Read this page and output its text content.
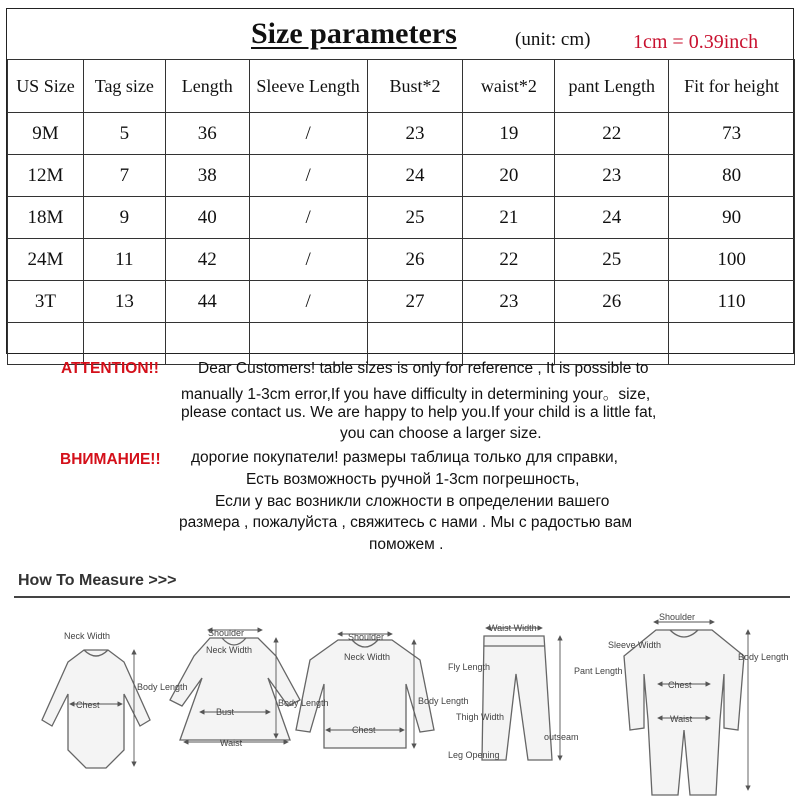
Size parameters	(unit: cm) 1cm = 0.39inch
US Size	Tag size	Length	Sleeve Length	Bust*2	waist*2	pant Length	Fit for height
9M	5	36	/	23	19	22	73
12M	7	38	/	24	20	23	80
18M	9	40	/	25	21	24	90
24M	11	42	/	26	22	25	100
3T	13	44	/	27	23	26	110

ATTENTION!!	Dear Customers! table sizes is only for reference , It is possible to
manually 1-3cm error,If you have difficulty in determining your。size,
please contact us. We are happy to help you.If your child is a little fat,
you can choose a larger size.
ВНИМАНИЕ!! дорогие покупатели! размеры таблица только для справки,
Есть возможность ручной 1-3cm погрешность,
Если у вас возникли сложности в определении вашего
размера , пожалуйста , свяжитесь с нами . Мы с радостью вам
поможем .
How To Measure >>>
Neck Width
Chest
Body Length
Shoulder
Neck Width
Bust
Waist
Body Length
Shoulder
Neck Width
Chest
Body Length
Waist Width
Fly Length	Pant Length
Thigh Width
outseam
Leg Opening
Shoulder
Sleeve Width
Chest
Waist
Body Length
